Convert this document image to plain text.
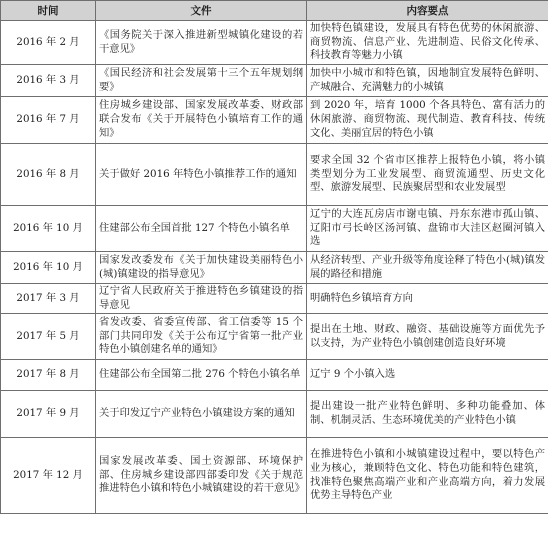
时间	文件	内容要点
2016 年 2 月	《国务院关于深入推进新型城镇化建设的若干意见》	加快特色镇建设，发展具有特色优势的休闲旅游、商贸物流、信息产业、先进制造、民俗文化传承、科技教育等魅力小镇
2016 年 3 月	《国民经济和社会发展第十三个五年规划纲要》	加快中小城市和特色镇，因地制宜发展特色鲜明、产城融合、充满魅力的小城镇
2016 年 7 月	住房城乡建设部、国家发展改革委、财政部联合发布《关于开展特色小镇培育工作的通知》	到 2020 年，培育 1000 个各具特色、富有活力的休闲旅游、商贸物流、现代制造、教育科技、传统文化、美丽宜居的特色小镇
2016 年 8 月	关于做好 2016 年特色小镇推荐工作的通知	要求全国 32 个省市区推荐上报特色小镇，将小镇类型划分为工业发展型、商贸流通型、历史文化型、旅游发展型、民族聚居型和农业发展型
2016 年 10 月	住建部公布全国首批 127 个特色小镇名单	辽宁的大连瓦房店市谢屯镇、丹东东港市孤山镇、辽阳市弓长岭区汤河镇、盘锦市大洼区赵圈河镇入选
2016 年 10 月	国家发改委发布《关于加快建设美丽特色小(城)镇建设的指导意见》	从经济转型、产业升级等角度诠释了特色小(城)镇发展的路径和措施
2017 年 3 月	辽宁省人民政府关于推进特色乡镇建设的指导意见	明确特色乡镇培育方向
2017 年 5 月	省发改委、省委宣传部、省工信委等 15 个部门共同印发《关于公布辽宁省第一批产业特色小镇创建名单的通知》	提出在土地、财政、融资、基础设施等方面优先予以支持，为产业特色小镇创建创造良好环境
2017 年 8 月	住建部公布全国第二批 276 个特色小镇名单	辽宁 9 个小镇入选
2017 年 9 月	关于印发辽宁产业特色小镇建设方案的通知	提出建设一批产业特色鲜明、多种功能叠加、体制、机制灵活、生态环境优美的产业特色小镇
2017 年 12 月	国家发展改革委、国土资源部、环境保护部、住房城乡建设部四部委印发《关于规范推进特色小镇和特色小城镇建设的若干意见》	在推进特色小镇和小城镇建设过程中，要以特色产业为核心，兼顾特色文化、特色功能和特色建筑，找准特色聚焦高端产业和产业高端方向，着力发展优势主导特色产业
